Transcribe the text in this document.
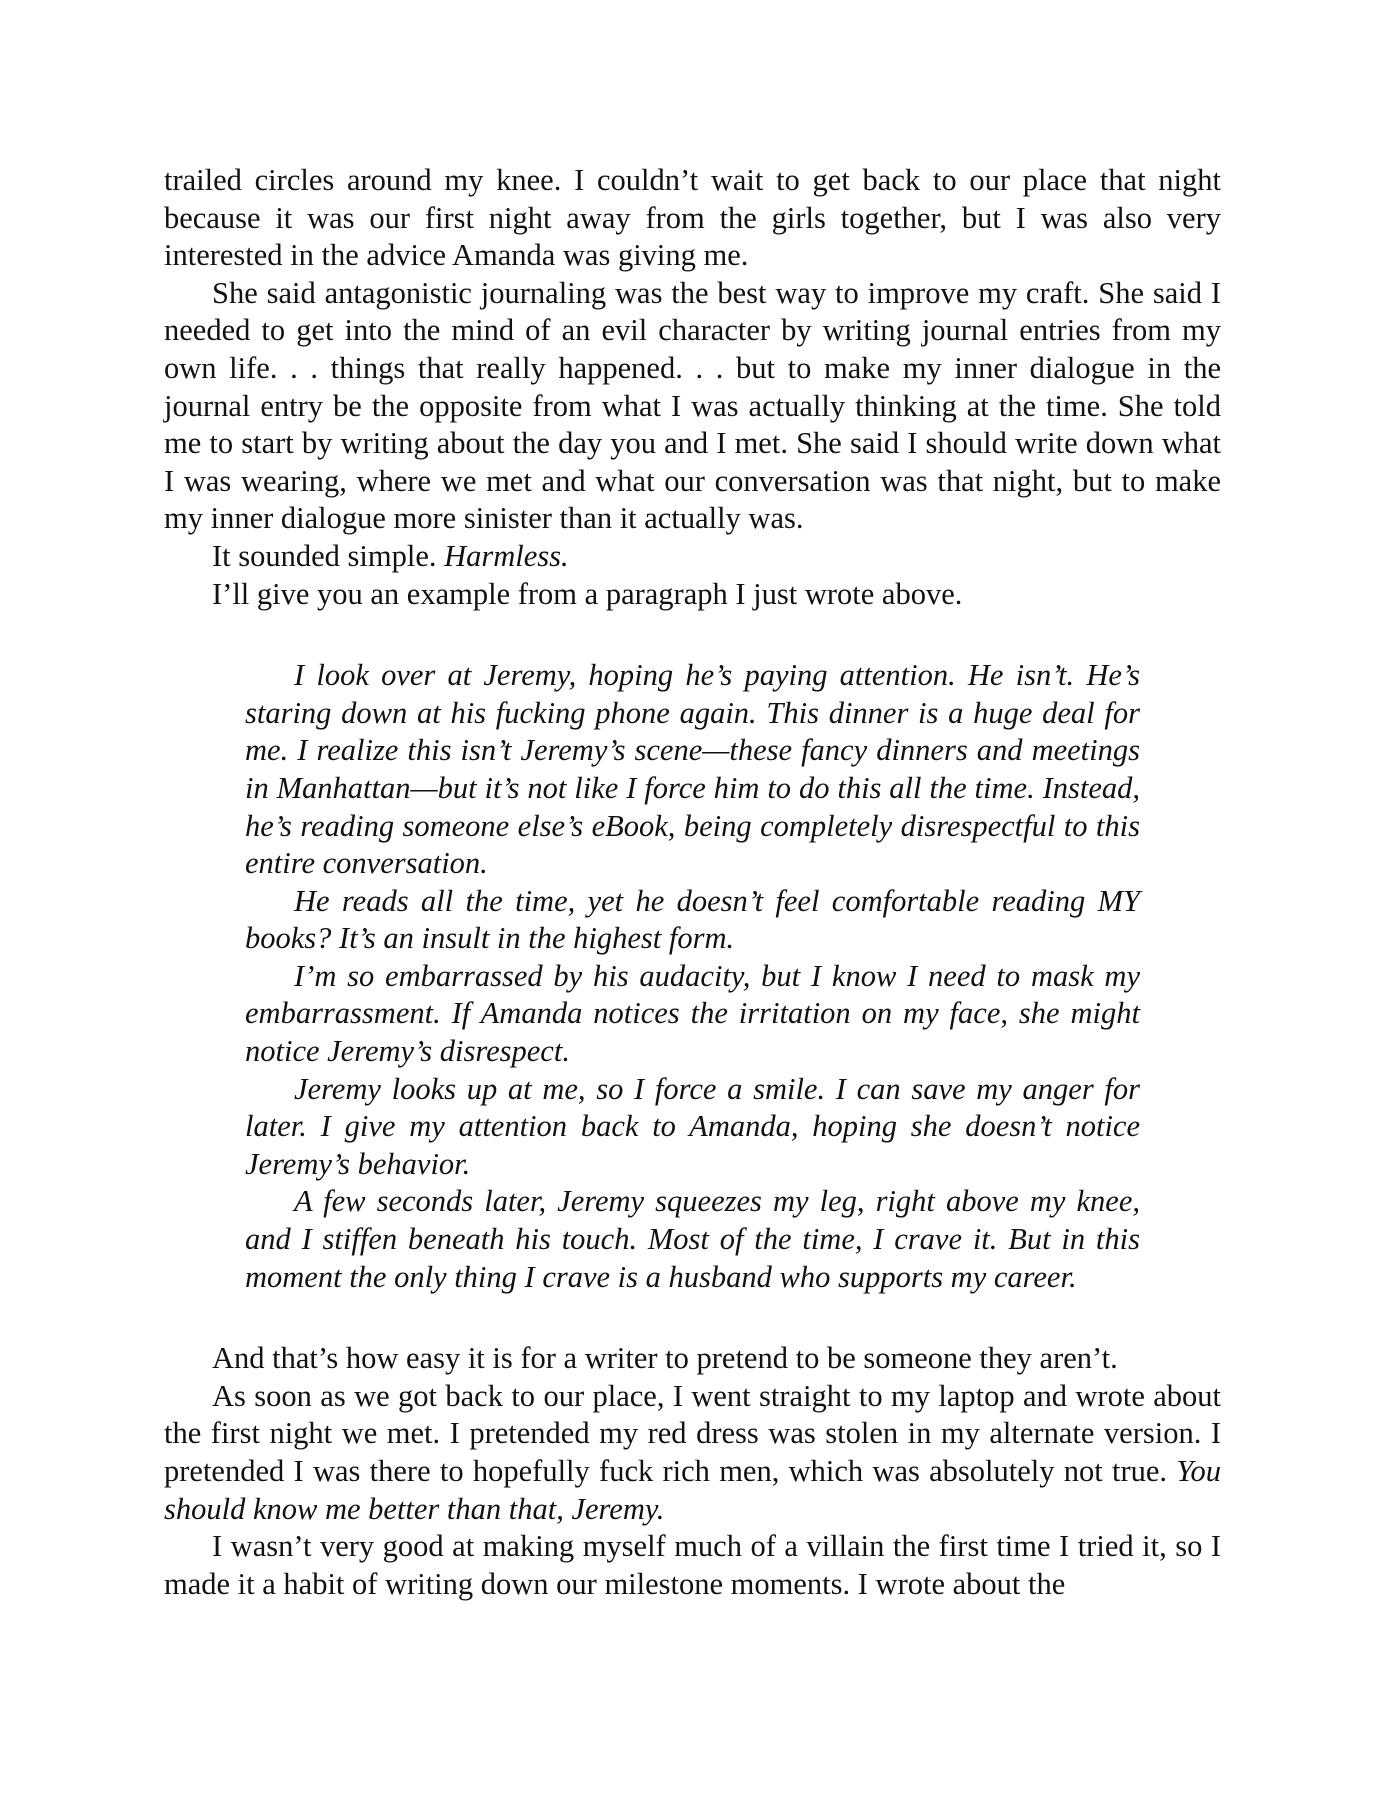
trailed circles around my knee. I couldn’t wait to get back to our place that night because it was our first night away from the girls together, but I was also very interested in the advice Amanda was giving me.

She said antagonistic journaling was the best way to improve my craft. She said I needed to get into the mind of an evil character by writing journal entries from my own life. . . things that really happened. . . but to make my inner dialogue in the journal entry be the opposite from what I was actually thinking at the time. She told me to start by writing about the day you and I met. She said I should write down what I was wearing, where we met and what our conversation was that night, but to make my inner dialogue more sinister than it actually was.

It sounded simple. Harmless.

I’ll give you an example from a paragraph I just wrote above.

I look over at Jeremy, hoping he’s paying attention. He isn’t. He’s staring down at his fucking phone again. This dinner is a huge deal for me. I realize this isn’t Jeremy’s scene—these fancy dinners and meetings in Manhattan—but it’s not like I force him to do this all the time. Instead, he’s reading someone else’s eBook, being completely disrespectful to this entire conversation.

He reads all the time, yet he doesn’t feel comfortable reading MY books? It’s an insult in the highest form.

I’m so embarrassed by his audacity, but I know I need to mask my embarrassment. If Amanda notices the irritation on my face, she might notice Jeremy’s disrespect.

Jeremy looks up at me, so I force a smile. I can save my anger for later. I give my attention back to Amanda, hoping she doesn’t notice Jeremy’s behavior.

A few seconds later, Jeremy squeezes my leg, right above my knee, and I stiffen beneath his touch. Most of the time, I crave it. But in this moment the only thing I crave is a husband who supports my career.

And that’s how easy it is for a writer to pretend to be someone they aren’t.

As soon as we got back to our place, I went straight to my laptop and wrote about the first night we met. I pretended my red dress was stolen in my alternate version. I pretended I was there to hopefully fuck rich men, which was absolutely not true. You should know me better than that, Jeremy.

I wasn’t very good at making myself much of a villain the first time I tried it, so I made it a habit of writing down our milestone moments. I wrote about the
